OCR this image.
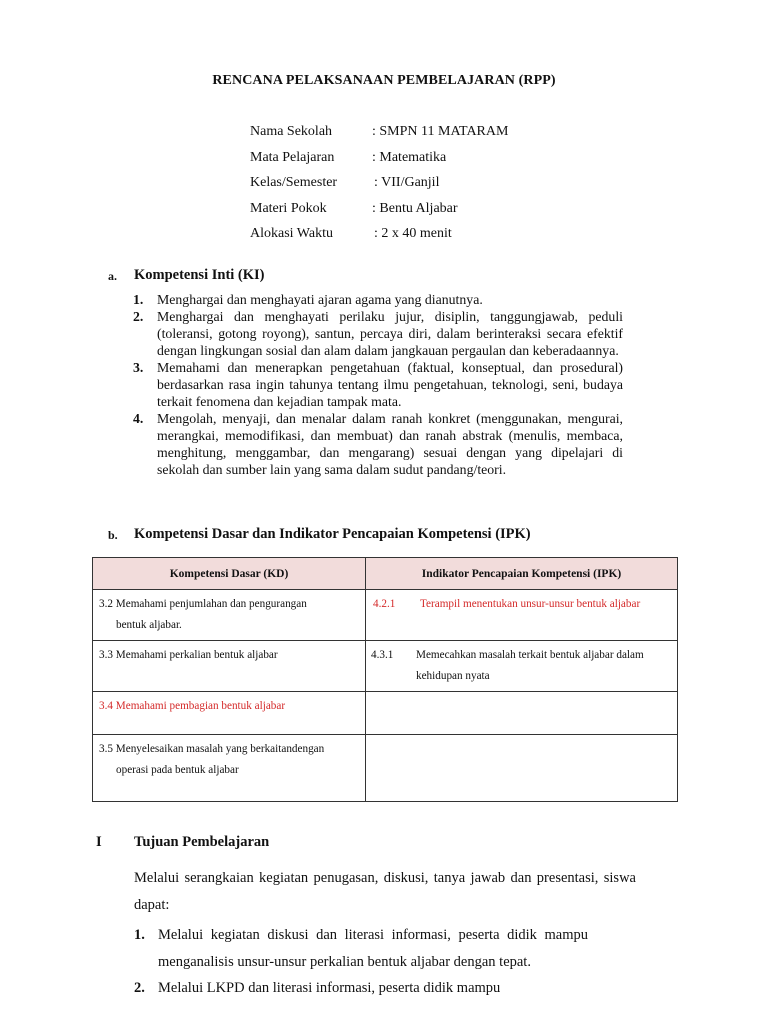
RENCANA PELAKSANAAN PEMBELAJARAN (RPP)
Nama Sekolah	: SMPN 11 MATARAM
Mata Pelajaran	: Matematika
Kelas/Semester	: VII/Ganjil
Materi Pokok	: Bentu Aljabar
Alokasi Waktu	: 2 x 40 menit
a. Kompetensi Inti (KI)
1. Menghargai dan menghayati ajaran agama yang dianutnya.
2. Menghargai dan menghayati perilaku jujur, disiplin, tanggungjawab, peduli (toleransi, gotong royong), santun, percaya diri, dalam berinteraksi secara efektif dengan lingkungan sosial dan alam dalam jangkauan pergaulan dan keberadaannya.
3. Memahami dan menerapkan pengetahuan (faktual, konseptual, dan prosedural) berdasarkan rasa ingin tahunya tentang ilmu pengetahuan, teknologi, seni, budaya terkait fenomena dan kejadian tampak mata.
4. Mengolah, menyaji, dan menalar dalam ranah konkret (menggunakan, mengurai, merangkai, memodifikasi, dan membuat) dan ranah abstrak (menulis, membaca, menghitung, menggambar, dan mengarang) sesuai dengan yang dipelajari di sekolah dan sumber lain yang sama dalam sudut pandang/teori.
b. Kompetensi Dasar dan Indikator Pencapaian Kompetensi (IPK)
Kompetensi Dasar (KD)	Indikator Pencapaian Kompetensi (IPK)

3.2 Memahami penjumlahan dan pengurangan
bentuk aljabar.	4.2.1 Terampil menentukan unsur-unsur bentuk aljabar

3.3 Memahami perkalian bentuk aljabar	4.3.1 Memecahkan masalah terkait bentuk aljabar dalam kehidupan nyata

3.4 Memahami pembagian bentuk aljabar	

3.5 Menyelesaikan masalah yang berkaitandengan
operasi pada bentuk aljabar	

I Tujuan Pembelajaran
Melalui serangkaian kegiatan penugasan, diskusi, tanya jawab dan presentasi, siswa dapat:
1. Melalui kegiatan diskusi dan literasi informasi, peserta didik mampu menganalisis unsur-unsur perkalian bentuk aljabar dengan tepat.
2. Melalui LKPD dan literasi informasi, peserta didik mampu
